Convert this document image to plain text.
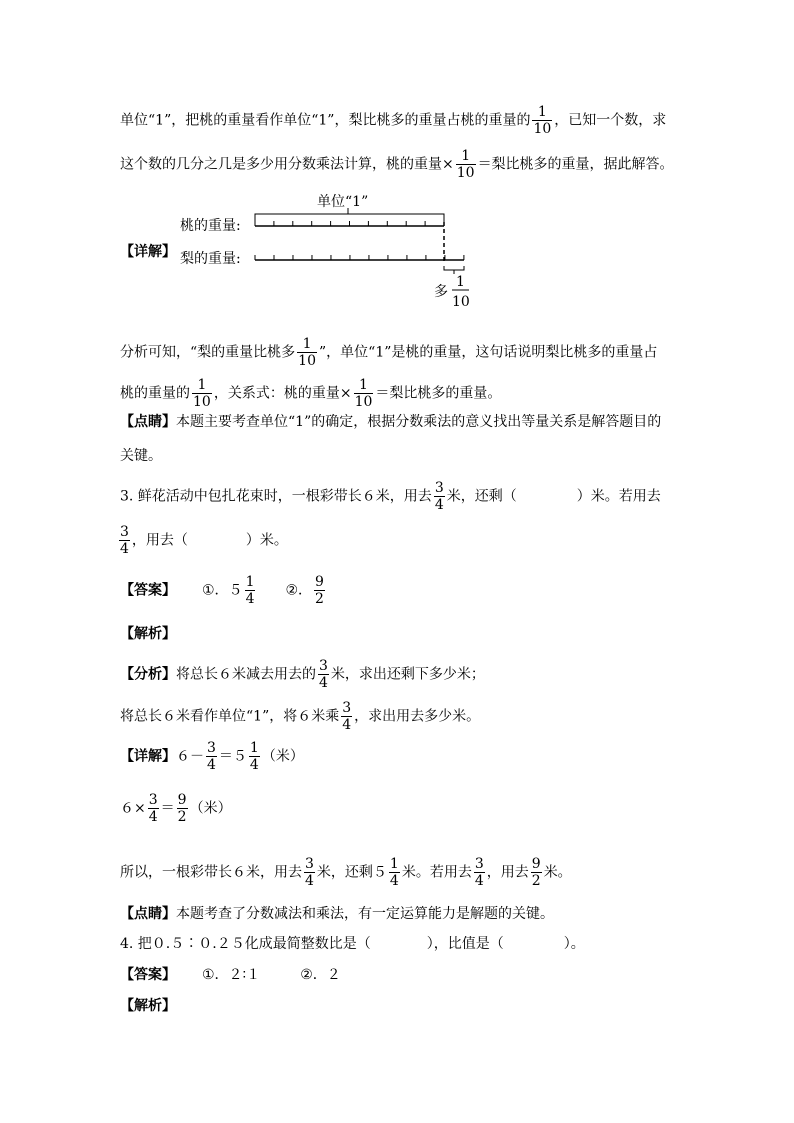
单位“1”，把桃的重量看作单位“1”，梨比桃多的重量占桃的重量的 $\frac{1}{10}$ ，已知一个数，求
这个数的几分之几是多少用分数乘法计算，桃的重量× $\frac{1}{10}$ ＝梨比桃多的重量，据此解答。
【详解】
单位“1”
桃的重量:
梨的重量:
多
1
10
分析可知，“梨的重量比桃多 $\frac{1}{10}$ ”，单位“1”是桃的重量，这句话说明梨比桃多的重量占
桃的重量的 $\frac{1}{10}$ ，关系式：桃的重量× $\frac{1}{10}$ ＝梨比桃多的重量。
【点睛】本题主要考查单位“1”的确定，根据分数乘法的意义找出等量关系是解答题目的
关键。
3. 鲜花活动中包扎花束时，一根彩带长６米，用去 $\frac{3}{4}$ 米，还剩（	）米。若用去
$\frac{3}{4}$ ，用去（	）米。
【答案】 ①．$5 \frac{1}{4}$ ②． $\frac{9}{2}$
【解析】
【分析】将总长６米减去用去的 $\frac{3}{4}$ 米，求出还剩下多少米；
将总长６米看作单位“1”，将６米乘 $\frac{3}{4}$ ，求出用去多少米。
【详解】$6- \frac{3}{4} =5 \frac{1}{4}$ （米）
$6\times \frac{3}{4} = \frac{9}{2}$ （米）
所以，一根彩带长６米，用去 $\frac{3}{4}$ 米，还剩$5 \frac{1}{4}$ 米。若用去 $\frac{3}{4}$ ，用去 $\frac{9}{2}$ 米。
【点睛】本题考查了分数减法和乘法，有一定运算能力是解题的关键。
4. 把０.５∶０.２５化成最简整数比是（	），比值是（	）。
【答案】 ①．２∶１	②．２
【解析】
